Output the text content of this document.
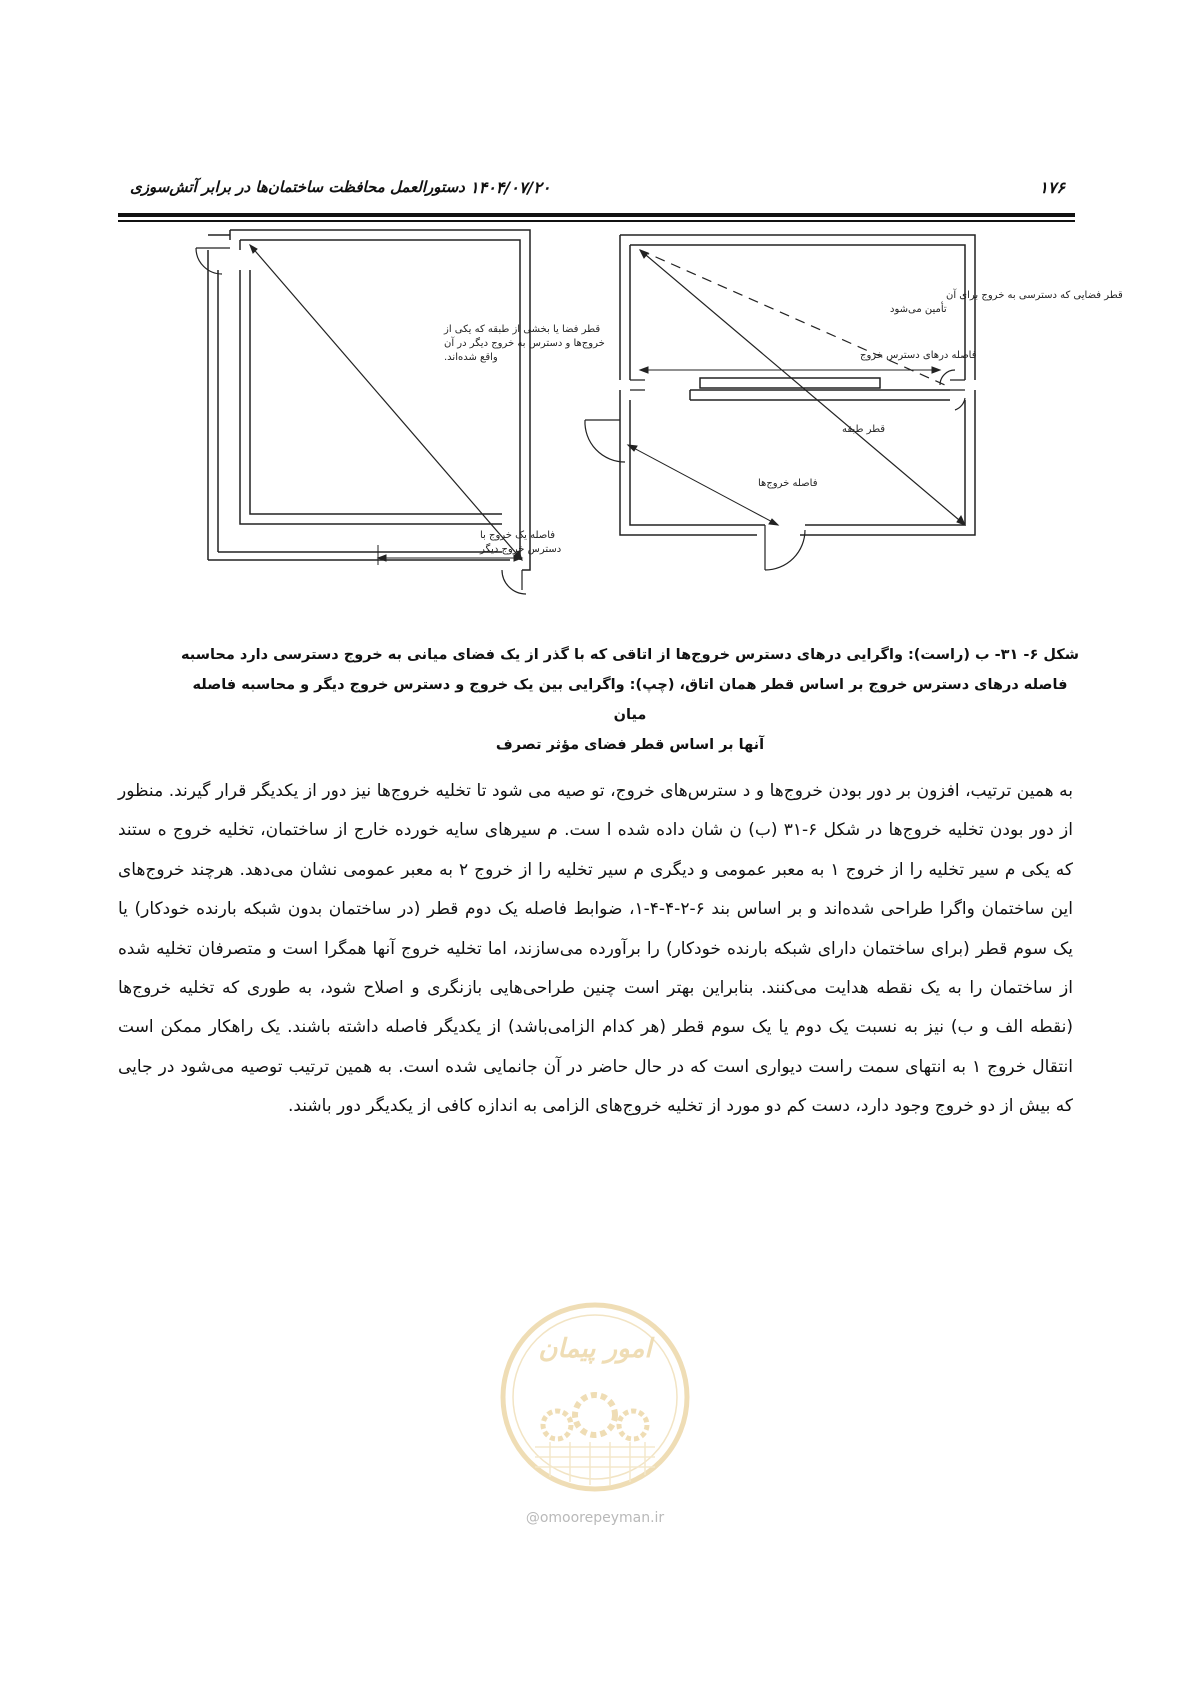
۱۷۶
۱۴۰۴/۰۷/۲۰
دستورالعمل محافظت ساختمان‌ها در برابر آتش‌سوزی
قطر فضا یا بخشی از طبقه که یکی از
خروج‌ها و دسترس به خروج دیگر در آن
واقع شده‌اند.
فاصله یک خروج با
دسترس خروج دیگر
قطر فضایی که دسترسی به خروج برای آن
تأمین می‌شود
فاصله درهای دسترس خروج
قطر طبقه
فاصله خروج‌ها

شکل ۶- ۳۱- ب (راست): واگرایی درهای دسترس خروج‌ها از اتاقی که با گذر از یک فضای میانی به خروج دسترسی دارد محاسبه

فاصله درهای دسترس خروج بر اساس قطر همان اتاق، (چپ): واگرایی بین یک خروج و دسترس خروج دیگر و محاسبه فاصله میان

آنها بر اساس قطر فضای مؤثر تصرف

به همین ترتیب، افزون بر دور بودن خروج‌ها و د سترس‌های خروج، تو صیه می شود تا تخلیه خروج‌ها نیز دور از یکدیگر قرار گیرند. منظور از دور بودن تخلیه خروج‌ها در شکل ۶-۳۱ (ب) ن شان داده شده ا ست. م سیرهای سایه خورده خارج از ساختمان، تخلیه خروج ه ستند که یکی م سیر تخلیه را از خروج ۱ به معبر عمومی و دیگری م سیر تخلیه را از خروج ۲ به معبر عمومی نشان می‌دهد. هرچند خروج‌های این ساختمان واگرا طراحی شده‌اند و بر اساس بند ۶-۲-۴-۴-۱، ضوابط فاصله یک دوم قطر (در ساختمان بدون شبکه بارنده خودکار) یا یک سوم قطر (برای ساختمان دارای شبکه بارنده خودکار) را برآورده می‌سازند، اما تخلیه خروج آنها همگرا است و متصرفان تخلیه شده از ساختمان را به یک نقطه هدایت می‌کنند. بنابراین بهتر است چنین طراحی‌هایی بازنگری و اصلاح شود، به طوری که تخلیه خروج‌ها (نقطه الف و ب) نیز به نسبت یک دوم یا یک سوم قطر (هر کدام الزامی‌باشد) از یکدیگر فاصله داشته باشند. یک راهکار ممکن است انتقال خروج ۱ به انتهای سمت راست دیواری است که در حال حاضر در آن جانمایی شده است. به همین ترتیب توصیه می‌شود در جایی که بیش از دو خروج وجود دارد، دست کم دو مورد از تخلیه خروج‌های الزامی به اندازه کافی از یکدیگر دور باشند.
امور پیمان
@omoorepeyman.ir
